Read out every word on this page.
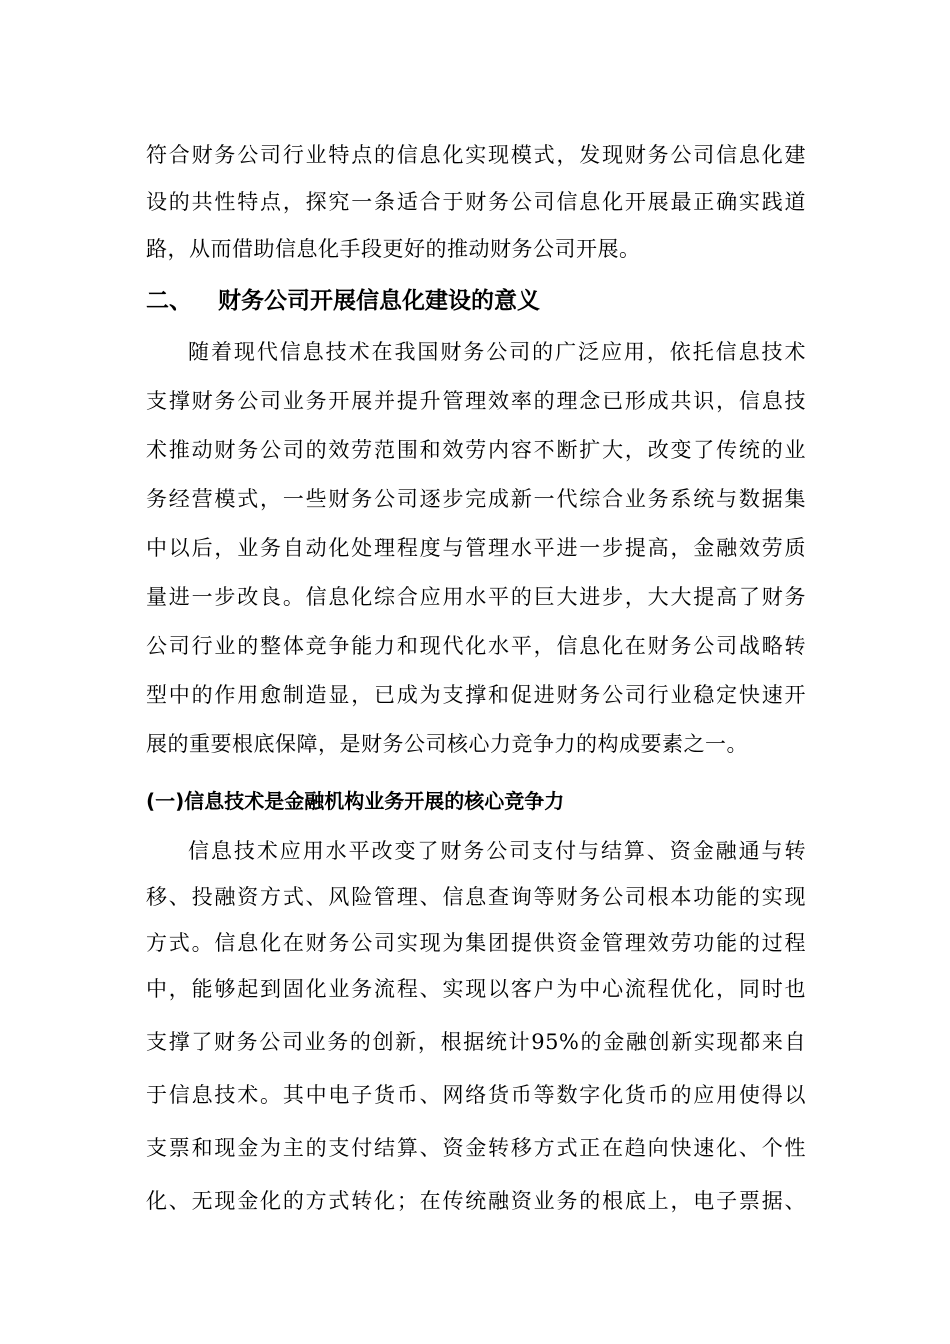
符合财务公司行业特点的信息化实现模式，发现财务公司信息化建
设的共性特点，探究一条适合于财务公司信息化开展最正确实践道
路，从而借助信息化手段更好的推动财务公司开展。
二、 财务公司开展信息化建设的意义
随着现代信息技术在我国财务公司的广泛应用，依托信息技术
支撑财务公司业务开展并提升管理效率的理念已形成共识，信息技
术推动财务公司的效劳范围和效劳内容不断扩大，改变了传统的业
务经营模式，一些财务公司逐步完成新一代综合业务系统与数据集
中以后，业务自动化处理程度与管理水平进一步提高，金融效劳质
量进一步改良。信息化综合应用水平的巨大进步，大大提高了财务
公司行业的整体竞争能力和现代化水平，信息化在财务公司战略转
型中的作用愈制造显，已成为支撑和促进财务公司行业稳定快速开
展的重要根底保障，是财务公司核心力竞争力的构成要素之一。
(一)信息技术是金融机构业务开展的核心竞争力
信息技术应用水平改变了财务公司支付与结算、资金融通与转
移、投融资方式、风险管理、信息查询等财务公司根本功能的实现
方式。信息化在财务公司实现为集团提供资金管理效劳功能的过程
中，能够起到固化业务流程、实现以客户为中心流程优化，同时也
支撑了财务公司业务的创新，根据统计95%的金融创新实现都来自
于信息技术。其中电子货币、网络货币等数字化货币的应用使得以
支票和现金为主的支付结算、资金转移方式正在趋向快速化、个性
化、无现金化的方式转化；在传统融资业务的根底上，电子票据、
